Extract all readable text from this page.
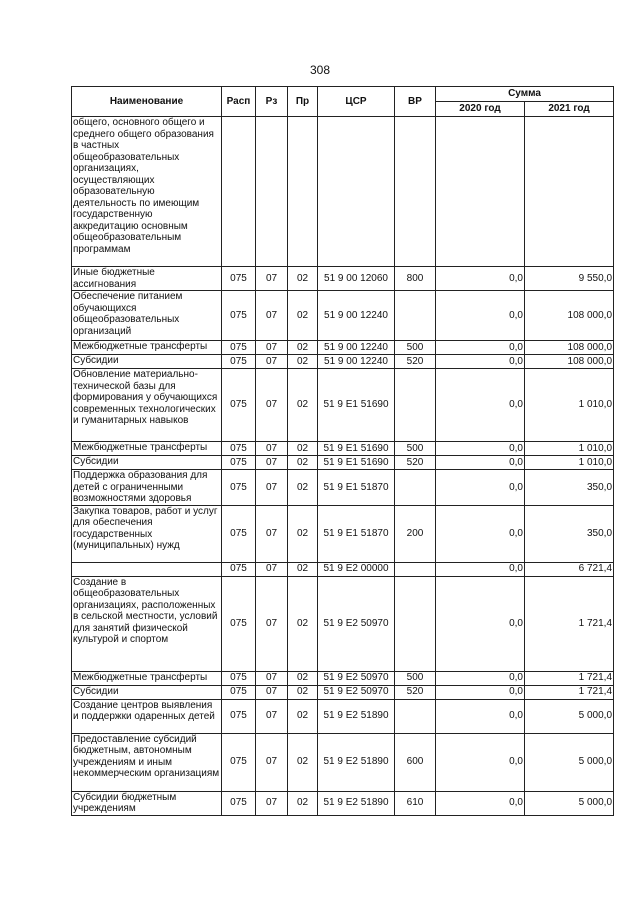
308
Наименование	Расп	Рз	Пр	ЦСР	ВР	Сумма	
						2020 год	2021 год
общего, основного общего и среднего общего образования в частных общеобразовательных организациях, осуществляющих образовательную деятельность по имеющим государственную аккредитацию основным общеобразовательным программам							
Иные бюджетные ассигнования	075	07	02	51 9 00 12060	800	0,0	9 550,0
Обеспечение питанием обучающихся общеобразовательных организаций	075	07	02	51 9 00 12240		0,0	108 000,0
Межбюджетные трансферты	075	07	02	51 9 00 12240	500	0,0	108 000,0
Субсидии	075	07	02	51 9 00 12240	520	0,0	108 000,0
Обновление материально-технической базы для формирования у обучающихся современных технологических и гуманитарных навыков	075	07	02	51 9 E1 51690		0,0	1 010,0
Межбюджетные трансферты	075	07	02	51 9 E1 51690	500	0,0	1 010,0
Субсидии	075	07	02	51 9 E1 51690	520	0,0	1 010,0
Поддержка образования для детей с ограниченными возможностями здоровья	075	07	02	51 9 E1 51870		0,0	350,0
Закупка товаров, работ и услуг для обеспечения государственных (муниципальных) нужд	075	07	02	51 9 E1 51870	200	0,0	350,0
	075	07	02	51 9 E2 00000		0,0	6 721,4
Создание в общеобразовательных организациях, расположенных в сельской местности, условий для занятий физической культурой и спортом	075	07	02	51 9 E2 50970		0,0	1 721,4
Межбюджетные трансферты	075	07	02	51 9 E2 50970	500	0,0	1 721,4
Субсидии	075	07	02	51 9 E2 50970	520	0,0	1 721,4
Создание центров выявления и поддержки одаренных детей	075	07	02	51 9 E2 51890		0,0	5 000,0
Предоставление субсидий бюджетным, автономным учреждениям и иным некоммерческим организациям	075	07	02	51 9 E2 51890	600	0,0	5 000,0
Субсидии бюджетным учреждениям	075	07	02	51 9 E2 51890	610	0,0	5 000,0
